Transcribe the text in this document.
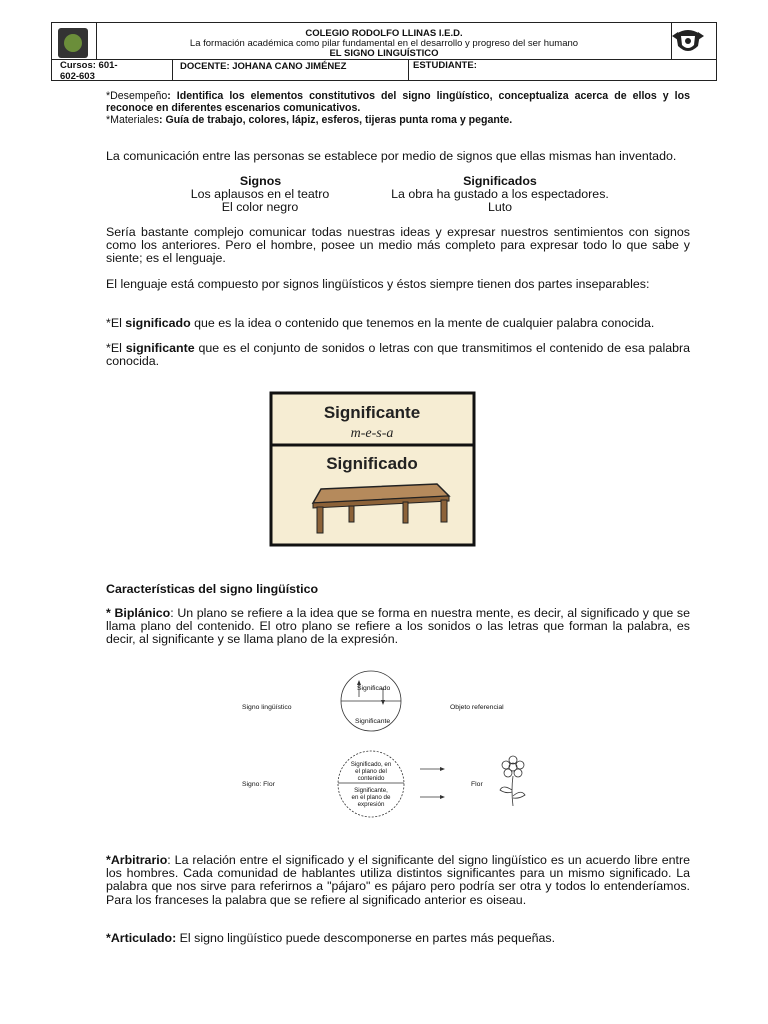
COLEGIO RODOLFO LLINAS I.E.D.
La formación académica como pilar fundamental en el desarrollo y progreso del ser humano
EL SIGNO LINGUÍSTICO
Cursos: 601-
602-603
DOCENTE: JOHANA CANO JIMÉNEZ	ESTUDIANTE:
*Desempeño: Identifica los elementos constitutivos del signo lingüístico, conceptualiza acerca de ellos y los reconoce en diferentes escenarios comunicativos.
*Materiales: Guía de trabajo, colores, lápiz, esferos, tijeras punta roma y pegante.
La comunicación entre las personas se establece por medio de signos que ellas mismas han inventado.
Signos	Significados
Los aplausos en el teatro
El color negro
La obra ha gustado a los espectadores.
Luto
Sería bastante complejo comunicar todas nuestras ideas y expresar nuestros sentimientos con signos como los anteriores. Pero el hombre, posee un medio más completo para expresar todo lo que sabe y siente; es el lenguaje.
El lenguaje está compuesto por signos lingüísticos y éstos siempre tienen dos partes inseparables:
*El significado que es la idea o contenido que tenemos en la mente de cualquier palabra conocida.
*El significante que es el conjunto de sonidos o letras con que transmitimos el contenido de esa palabra conocida.
Significante
m-e-s-a
Significado
Características del signo lingüístico
* Biplánico: Un plano se refiere a la idea que se forma en nuestra mente, es decir, al significado y que se llama plano del contenido. El otro plano se refiere a los sonidos o las letras que forman la palabra, es decir, al significante y se llama plano de la expresión.
Signo lingüístico
Significado
Significante
Objeto referencial
Signo: Flor
Significado, en
el plano del
contenido
Significante,
en el plano de
expresión
Flor
*Arbitrario: La relación entre el significado y el significante del signo lingüístico es un acuerdo libre entre los hombres. Cada comunidad de hablantes utiliza distintos significantes para un mismo significado. La palabra que nos sirve para referirnos a "pájaro" es pájaro pero podría ser otra y todos lo entenderíamos. Para los franceses la palabra que se refiere al significado anterior es oiseau.
*Articulado: El signo lingüístico puede descomponerse en partes más pequeñas.
